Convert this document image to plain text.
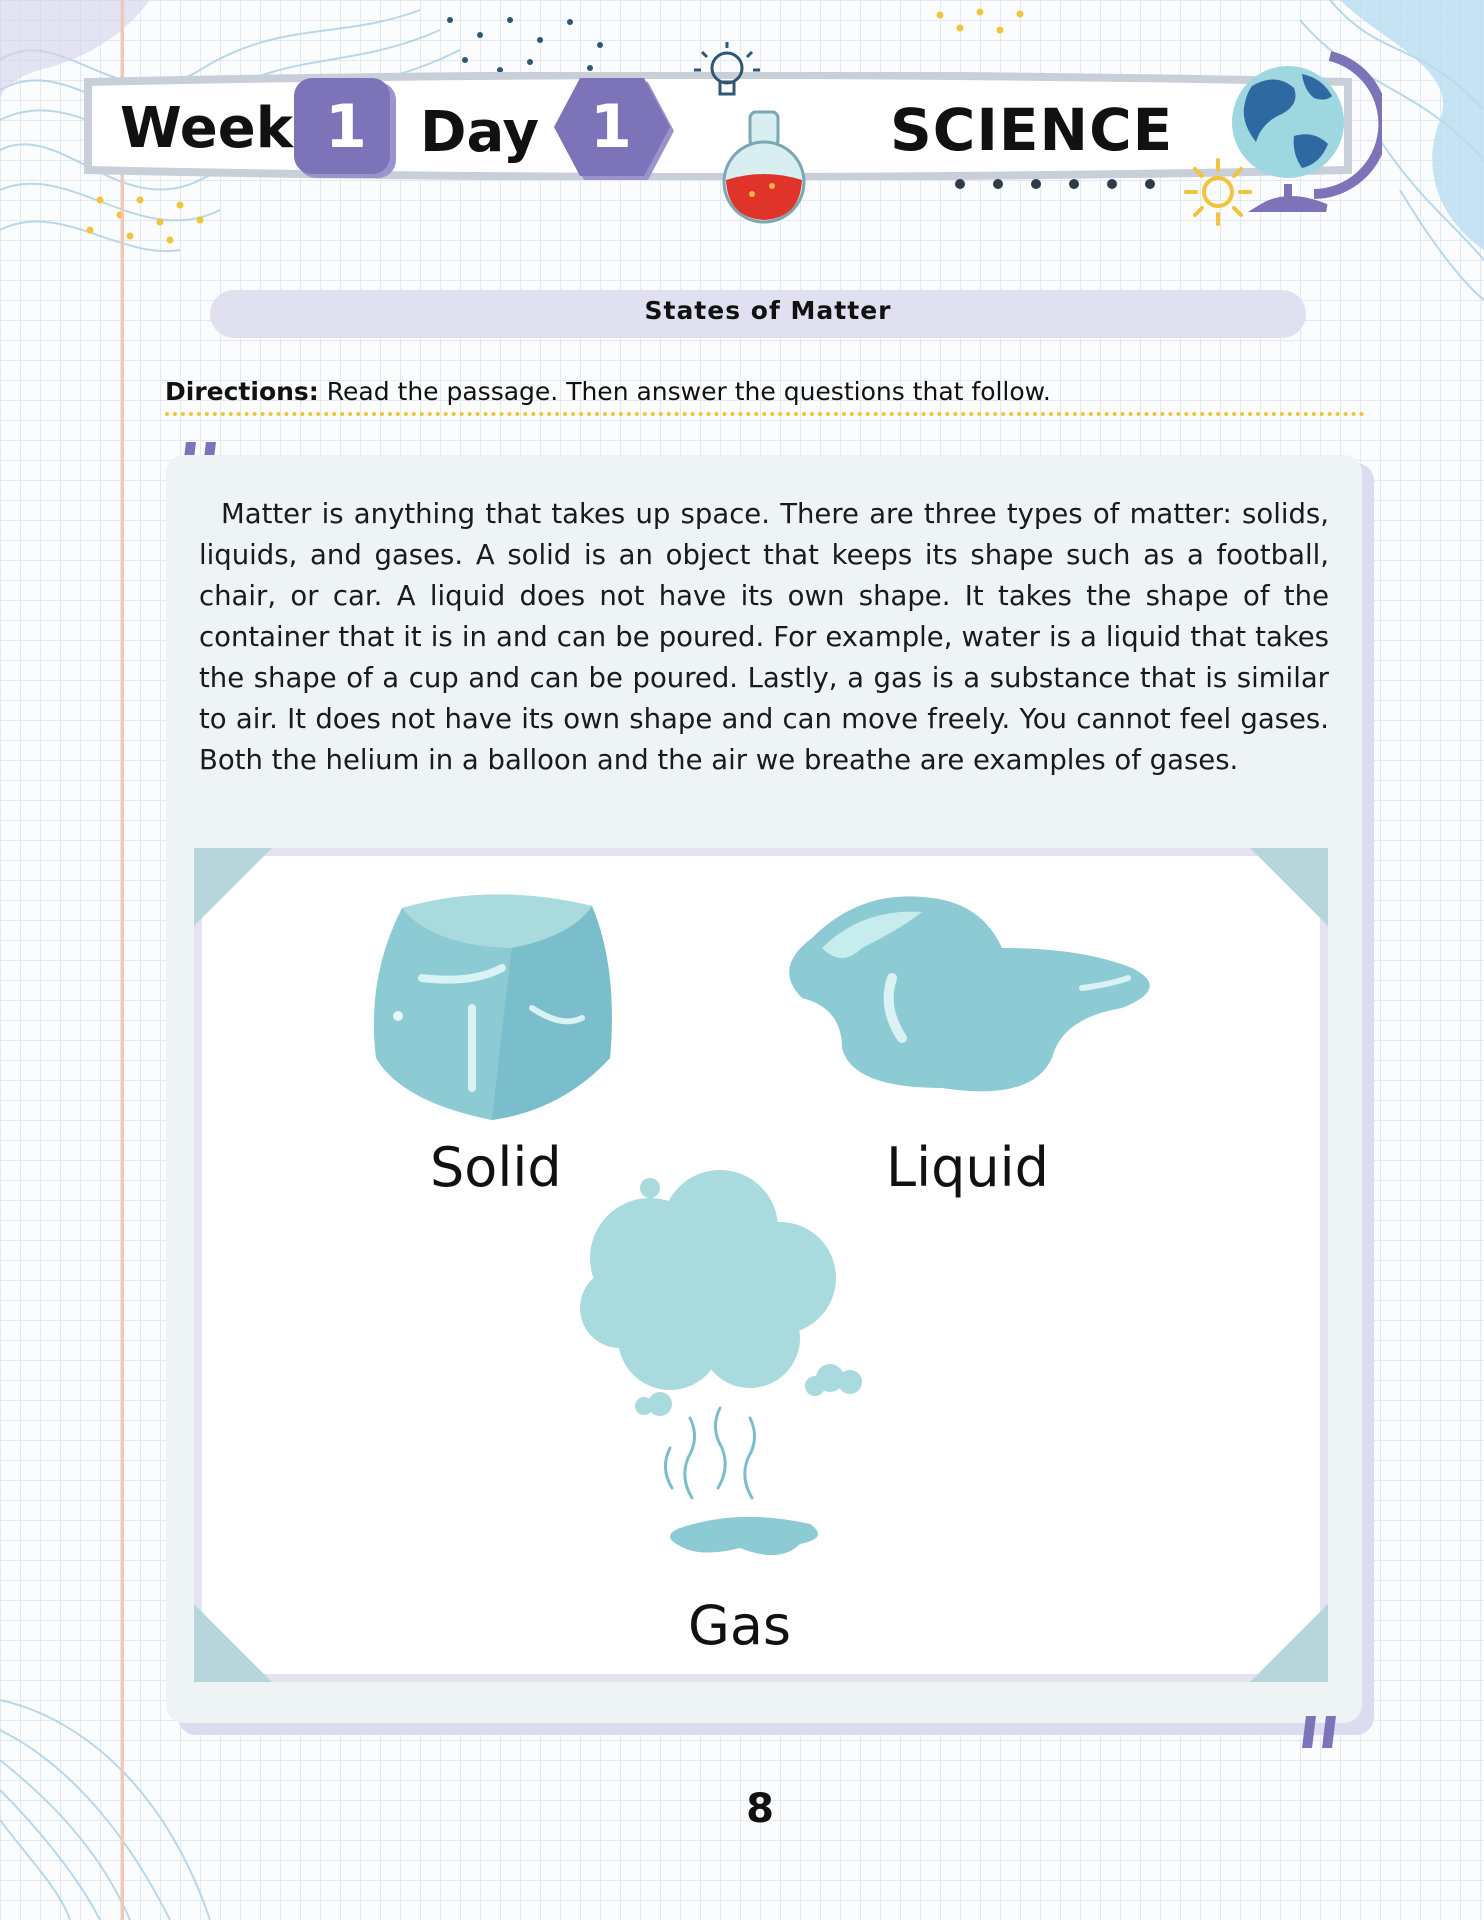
Week 1 Day 1	SCIENCE
States of Matter
Directions: Read the passage. Then answer the questions that follow.
Matter is anything that takes up space. There are three types of matter: solids, liquids, and gases. A solid is an object that keeps its shape such as a football, chair, or car. A liquid does not have its own shape. It takes the shape of the container that it is in and can be poured. For example, water is a liquid that takes the shape of a cup and can be poured. Lastly, a gas is a substance that is similar to air. It does not have its own shape and can move freely. You cannot feel gases. Both the helium in a balloon and the air we breathe are examples of gases.
Solid	Liquid
Gas
8
